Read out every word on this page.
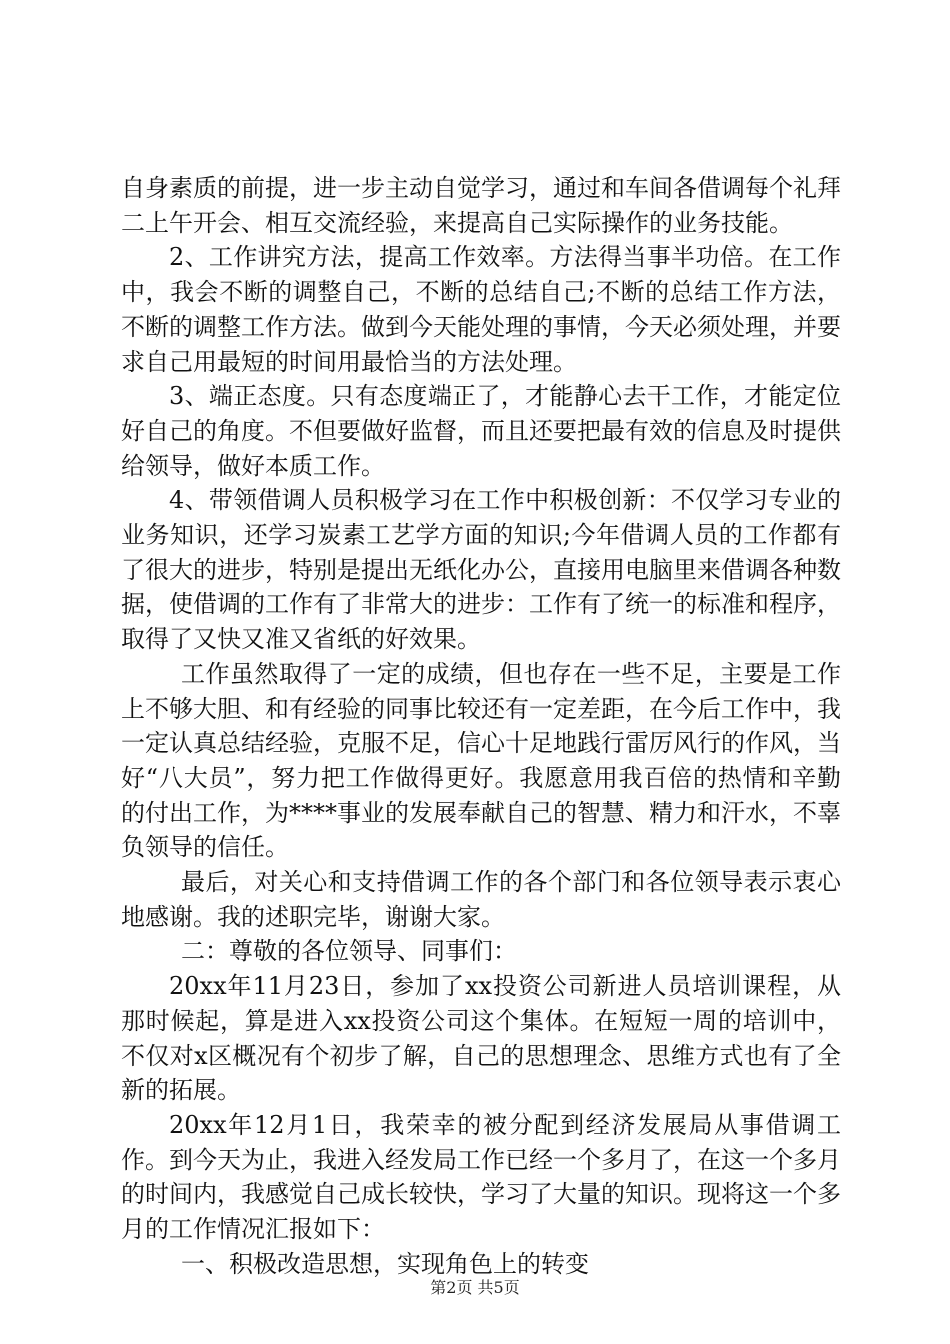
自身素质的前提，进一步主动自觉学习，通过和车间各借调每个礼拜二上午开会、相互交流经验，来提高自己实际操作的业务技能。

2、工作讲究方法，提高工作效率。方法得当事半功倍。在工作中，我会不断的调整自己，不断的总结自己;不断的总结工作方法，不断的调整工作方法。做到今天能处理的事情，今天必须处理，并要求自己用最短的时间用最恰当的方法处理。

3、端正态度。只有态度端正了，才能静心去干工作，才能定位好自己的角度。不但要做好监督，而且还要把最有效的信息及时提供给领导，做好本质工作。

4、带领借调人员积极学习在工作中积极创新：不仅学习专业的业务知识，还学习炭素工艺学方面的知识;今年借调人员的工作都有了很大的进步，特别是提出无纸化办公，直接用电脑里来借调各种数据，使借调的工作有了非常大的进步：工作有了统一的标准和程序，取得了又快又准又省纸的好效果。

工作虽然取得了一定的成绩，但也存在一些不足，主要是工作上不够大胆、和有经验的同事比较还有一定差距，在今后工作中，我一定认真总结经验，克服不足，信心十足地践行雷厉风行的作风，当好“八大员”，努力把工作做得更好。我愿意用我百倍的热情和辛勤的付出工作，为****事业的发展奉献自己的智慧、精力和汗水，不辜负领导的信任。

最后，对关心和支持借调工作的各个部门和各位领导表示衷心地感谢。我的述职完毕，谢谢大家。

二：尊敬的各位领导、同事们：

20xx年11月23日，参加了xx投资公司新进人员培训课程，从那时候起，算是进入xx投资公司这个集体。在短短一周的培训中，不仅对x区概况有个初步了解，自己的思想理念、思维方式也有了全新的拓展。

20xx年12月1日，我荣幸的被分配到经济发展局从事借调工作。到今天为止，我进入经发局工作已经一个多月了，在这一个多月的时间内，我感觉自己成长较快，学习了大量的知识。现将这一个多月的工作情况汇报如下：

一、积极改造思想，实现角色上的转变

第2页 共5页
